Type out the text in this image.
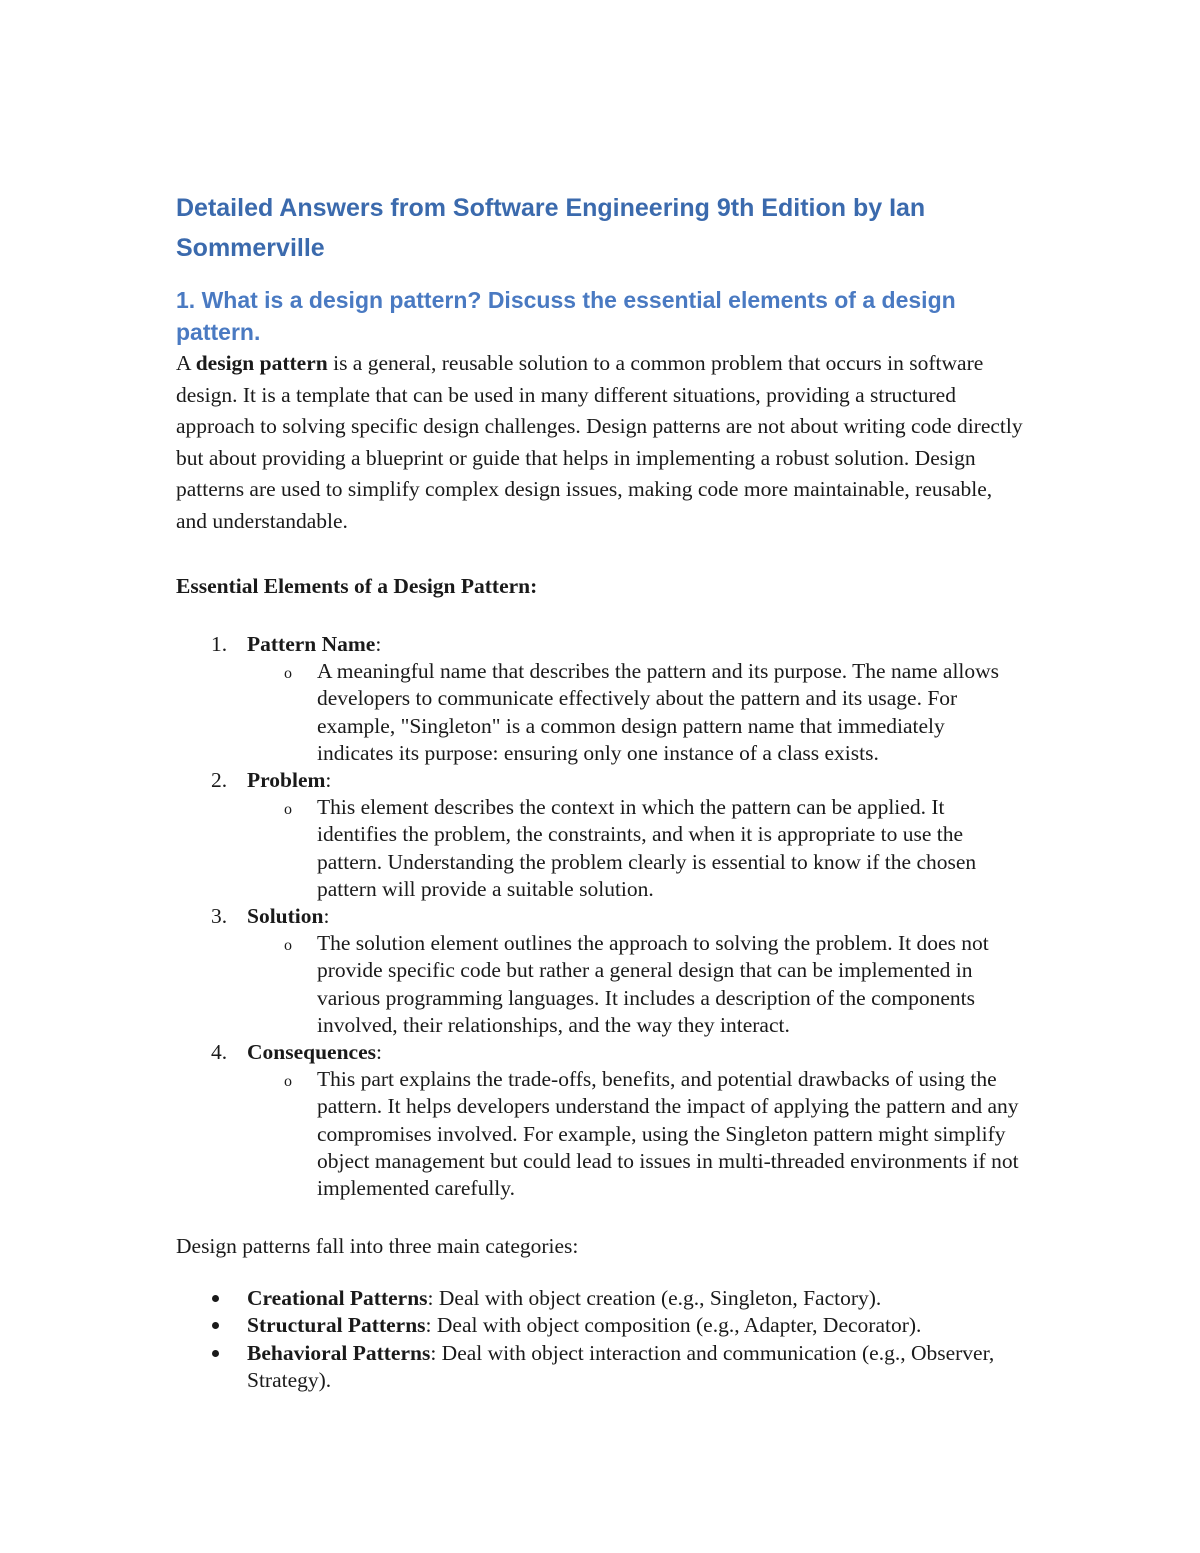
Detailed Answers from Software Engineering 9th Edition by Ian Sommerville
1. What is a design pattern? Discuss the essential elements of a design pattern.

A design pattern is a general, reusable solution to a common problem that occurs in software design. It is a template that can be used in many different situations, providing a structured approach to solving specific design challenges. Design patterns are not about writing code directly but about providing a blueprint or guide that helps in implementing a robust solution. Design patterns are used to simplify complex design issues, making code more maintainable, reusable, and understandable.

Essential Elements of a Design Pattern:
1. Pattern Name:
o A meaningful name that describes the pattern and its purpose. The name allows developers to communicate effectively about the pattern and its usage. For example, "Singleton" is a common design pattern name that immediately indicates its purpose: ensuring only one instance of a class exists.
2. Problem:
o This element describes the context in which the pattern can be applied. It identifies the problem, the constraints, and when it is appropriate to use the pattern. Understanding the problem clearly is essential to know if the chosen pattern will provide a suitable solution.
3. Solution:
o The solution element outlines the approach to solving the problem. It does not provide specific code but rather a general design that can be implemented in various programming languages. It includes a description of the components involved, their relationships, and the way they interact.
4. Consequences:
o This part explains the trade-offs, benefits, and potential drawbacks of using the pattern. It helps developers understand the impact of applying the pattern and any compromises involved. For example, using the Singleton pattern might simplify object management but could lead to issues in multi-threaded environments if not implemented carefully.

Design patterns fall into three main categories:

Creational Patterns: Deal with object creation (e.g., Singleton, Factory).
Structural Patterns: Deal with object composition (e.g., Adapter, Decorator).
Behavioral Patterns: Deal with object interaction and communication (e.g., Observer, Strategy).
